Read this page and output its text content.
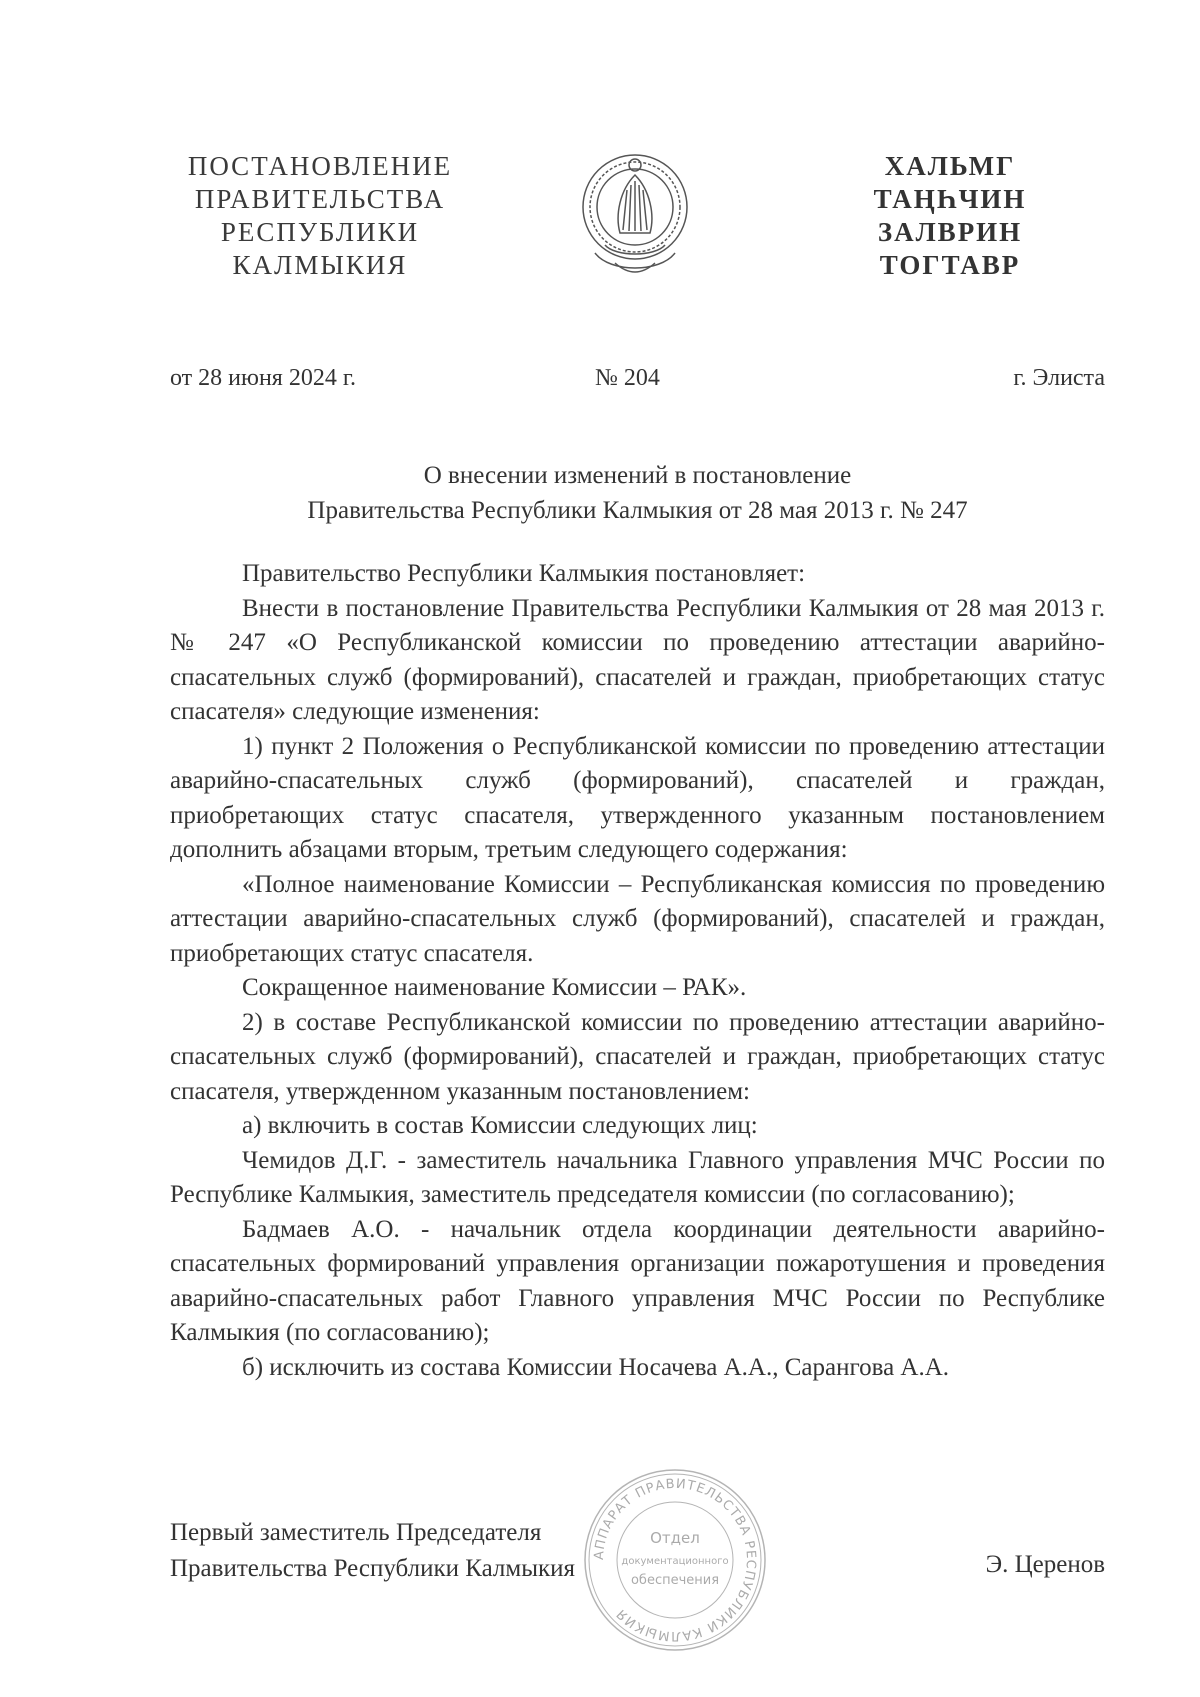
ПОСТАНОВЛЕНИЕ
ПРАВИТЕЛЬСТВА
РЕСПУБЛИКИ
КАЛМЫКИЯ
ХАЛЬМГ
ТАҢҺЧИН
ЗАЛВРИН
ТОГТАВР
от 28 июня 2024 г.	№ 204	г. Элиста
О внесении изменений в постановление
Правительства Республики Калмыкия от 28 мая 2013 г. № 247

Правительство Республики Калмыкия постановляет:

Внести в постановление Правительства Республики Калмыкия от 28 мая 2013 г. № 247 «О Республиканской комиссии по проведению аттестации аварийно-спасательных служб (формирований), спасателей и граждан, приобретающих статус спасателя» следующие изменения:

1) пункт 2 Положения о Республиканской комиссии по проведению аттестации аварийно-спасательных служб (формирований), спасателей и граждан, приобретающих статус спасателя, утвержденного указанным постановлением дополнить абзацами вторым, третьим следующего содержания:

«Полное наименование Комиссии – Республиканская комиссия по проведению аттестации аварийно-спасательных служб (формирований), спасателей и граждан, приобретающих статус спасателя.

Сокращенное наименование Комиссии – РАК».

2) в составе Республиканской комиссии по проведению аттестации аварийно-спасательных служб (формирований), спасателей и граждан, приобретающих статус спасателя, утвержденном указанным постановлением:

а) включить в состав Комиссии следующих лиц:

Чемидов Д.Г. - заместитель начальника Главного управления МЧС России по Республике Калмыкия, заместитель председателя комиссии (по согласованию);

Бадмаев А.О. - начальник отдела координации деятельности аварийно-спасательных формирований управления организации пожаротушения и проведения аварийно-спасательных работ Главного управления МЧС России по Республике Калмыкия (по согласованию);

б) исключить из состава Комиссии Носачева А.А., Сарангова А.А.

Первый заместитель Председателя
Правительства Республики Калмыкия	Э. Церенов
АППАРАТ ПРАВИТЕЛЬСТВА РЕСПУБЛИКИ КАЛМЫКИЯ
Отдел
документационного
обеспечения
